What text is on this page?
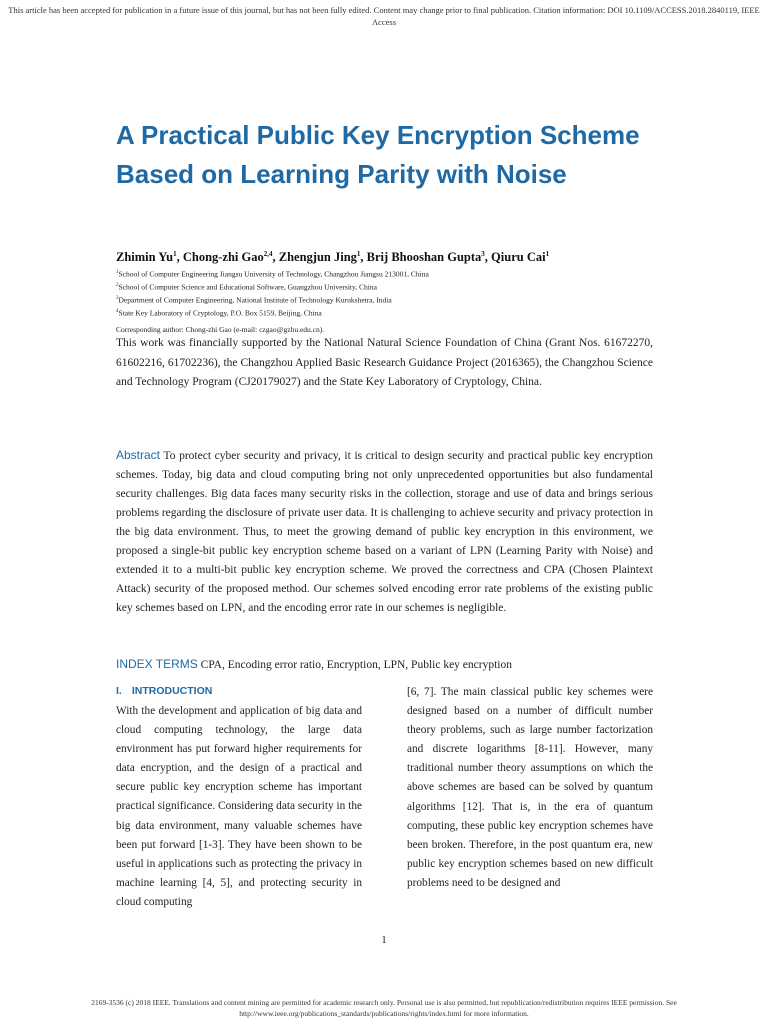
This article has been accepted for publication in a future issue of this journal, but has not been fully edited. Content may change prior to final publication. Citation information: DOI 10.1109/ACCESS.2018.2840119, IEEE
Access
A Practical Public Key Encryption Scheme Based on Learning Parity with Noise
Zhimin Yu$^1$, Chong-zhi Gao$^{2,4}$, Zhengjun Jing$^1$, Brij Bhooshan Gupta$^3$, Qiuru Cai$^1$
$^1$School of Computer Engineering Jiangsu University of Technology, Changzhou Jiangsu 213001, China
$^2$School of Computer Science and Educational Software, Guangzhou University, China
$^3$Department of Computer Engineering, National Institute of Technology Kurukshetra, India
$^4$State Key Laboratory of Cryptology, P.O. Box 5159, Beijing, China
Corresponding author: Chong-zhi Gao (e-mail: czgao@gzhu.edu.cn).
This work was financially supported by the National Natural Science Foundation of China (Grant Nos. 61672270, 61602216, 61702236), the Changzhou Applied Basic Research Guidance Project (2016365), the Changzhou Science and Technology Program (CJ20179027) and the State Key Laboratory of Cryptology, China.
Abstract To protect cyber security and privacy, it is critical to design security and practical public key encryption schemes. Today, big data and cloud computing bring not only unprecedented opportunities but also fundamental security challenges. Big data faces many security risks in the collection, storage and use of data and brings serious problems regarding the disclosure of private user data. It is challenging to achieve security and privacy protection in the big data environment. Thus, to meet the growing demand of public key encryption in this environment, we proposed a single-bit public key encryption scheme based on a variant of LPN (Learning Parity with Noise) and extended it to a multi-bit public key encryption scheme. We proved the correctness and CPA (Chosen Plaintext Attack) security of the proposed method. Our schemes solved encoding error rate problems of the existing public key schemes based on LPN, and the encoding error rate in our schemes is negligible.
INDEX TERMS CPA, Encoding error ratio, Encryption, LPN, Public key encryption
I. INTRODUCTION
With the development and application of big data and cloud computing technology, the large data environment has put forward higher requirements for data encryption, and the design of a practical and secure public key encryption scheme has important practical significance. Considering data security in the big data environment, many valuable schemes have been put forward [1-3]. They have been shown to be useful in applications such as protecting the privacy in machine learning [4, 5], and protecting security in cloud computing
[6, 7]. The main classical public key schemes were designed based on a number of difficult number theory problems, such as large number factorization and discrete logarithms [8-11]. However, many traditional number theory assumptions on which the above schemes are based can be solved by quantum algorithms [12]. That is, in the era of quantum computing, these public key encryption schemes have been broken. Therefore, in the post quantum era, new public key encryption schemes based on new difficult problems need to be designed and
1
2169-3536 (c) 2018 IEEE. Translations and content mining are permitted for academic research only. Personal use is also permitted, but republication/redistribution requires IEEE permission. See
http://www.ieee.org/publications_standards/publications/rights/index.html for more information.
